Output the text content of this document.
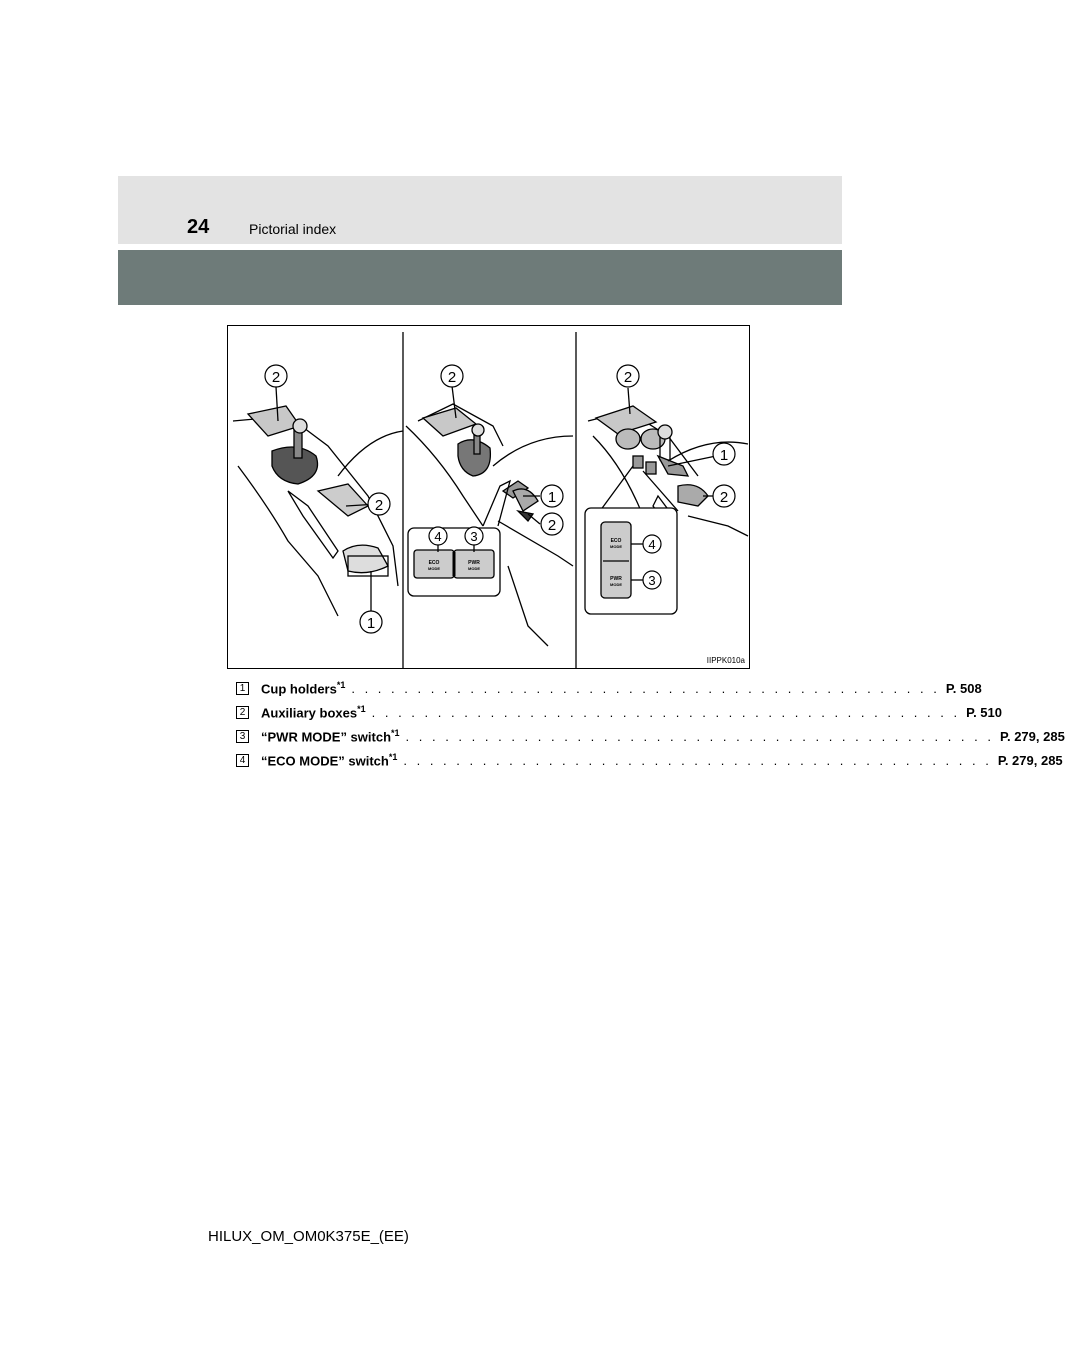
24	Pictorial index
2
2
1
2
1
2
4 3
ECO
MODE
PWR
MODE
2
1
2
4
3
ECO
MODE
PWR
MODE
IIPPK010a
1 Cup holders$^{*1}$ . . . . . . . . . . . . . . . . . . . . . . . . . . . . . . . . . . . . . . . . . . . . . P. 508
2 Auxiliary boxes$^{*1}$ . . . . . . . . . . . . . . . . . . . . . . . . . . . . . . . . . . . . . . . . . . . . . P. 510
3 “PWR MODE” switch$^{*1}$ . . . . . . . . . . . . . . . . . . . . . . . . . . . . . . . . . . . . . . . . . . . . . P. 279, 285
4 “ECO MODE” switch$^{*1}$ . . . . . . . . . . . . . . . . . . . . . . . . . . . . . . . . . . . . . . . . . . . . . P. 279, 285
HILUX_OM_OM0K375E_(EE)
